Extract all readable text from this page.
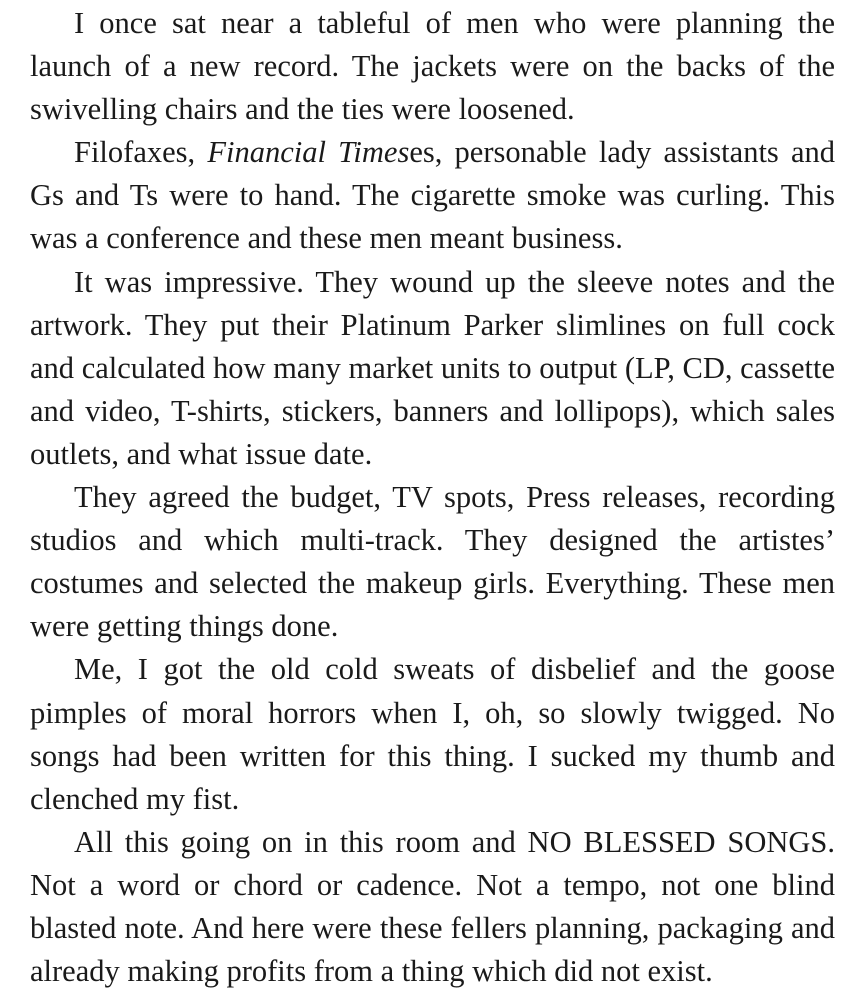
I once sat near a tableful of men who were planning the launch of a new record. The jackets were on the backs of the swivelling chairs and the ties were loosened.

Filofaxes, Financial Timeses, personable lady assistants and Gs and Ts were to hand. The cigarette smoke was curling. This was a conference and these men meant business.

It was impressive. They wound up the sleeve notes and the artwork. They put their Platinum Parker slimlines on full cock and calculated how many market units to output (LP, CD, cassette and video, T-shirts, stickers, banners and lollipops), which sales outlets, and what issue date.

They agreed the budget, TV spots, Press releases, recording studios and which multi-track. They designed the artistes’ costumes and selected the makeup girls. Everything. These men were getting things done.

Me, I got the old cold sweats of disbelief and the goose pimples of moral horrors when I, oh, so slowly twigged. No songs had been written for this thing. I sucked my thumb and clenched my fist.

All this going on in this room and NO BLESSED SONGS. Not a word or chord or cadence. Not a tempo, not one blind blasted note. And here were these fellers planning, packaging and already making profits from a thing which did not exist.
